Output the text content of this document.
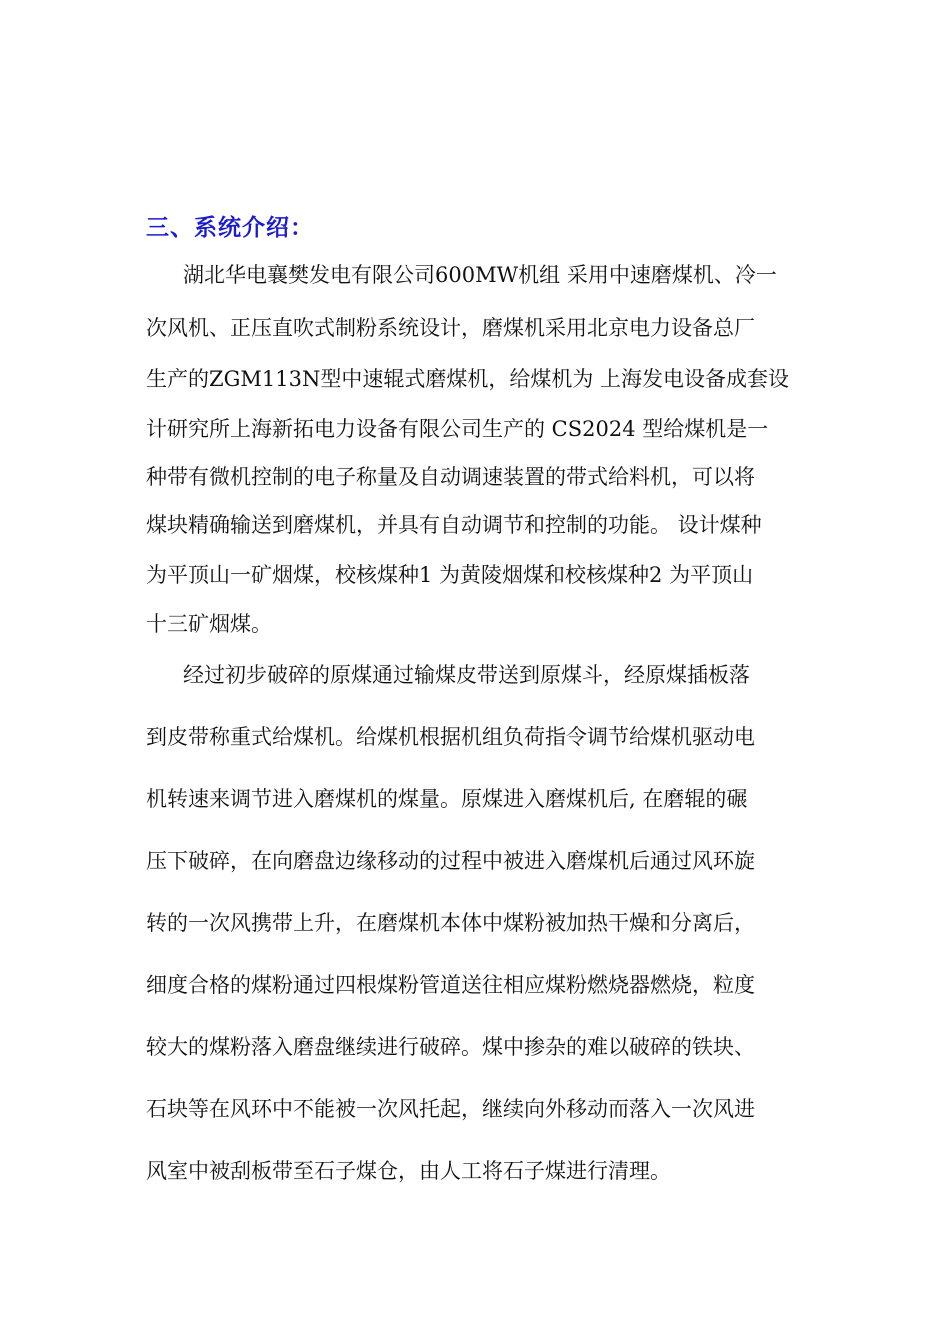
三、系统介绍：

湖北华电襄樊发电有限公司600MW机组 采用中速磨煤机、冷一

次风机、正压直吹式制粉系统设计，磨煤机采用北京电力设备总厂

生产的ZGM113N型中速辊式磨煤机，给煤机为 上海发电设备成套设

计研究所上海新拓电力设备有限公司生产的 CS2024 型给煤机是一

种带有微机控制的电子称量及自动调速装置的带式给料机，可以将

煤块精确输送到磨煤机，并具有自动调节和控制的功能。 设计煤种

为平顶山一矿烟煤，校核煤种1 为黄陵烟煤和校核煤种2 为平顶山

十三矿烟煤。

经过初步破碎的原煤通过输煤皮带送到原煤斗，经原煤插板落

到皮带称重式给煤机。给煤机根据机组负荷指令调节给煤机驱动电

机转速来调节进入磨煤机的煤量。原煤进入磨煤机后, 在磨辊的碾

压下破碎，在向磨盘边缘移动的过程中被进入磨煤机后通过风环旋

转的一次风携带上升，在磨煤机本体中煤粉被加热干燥和分离后，

细度合格的煤粉通过四根煤粉管道送往相应煤粉燃烧器燃烧，粒度

较大的煤粉落入磨盘继续进行破碎。煤中掺杂的难以破碎的铁块、

石块等在风环中不能被一次风托起，继续向外移动而落入一次风进

风室中被刮板带至石子煤仓，由人工将石子煤进行清理。
